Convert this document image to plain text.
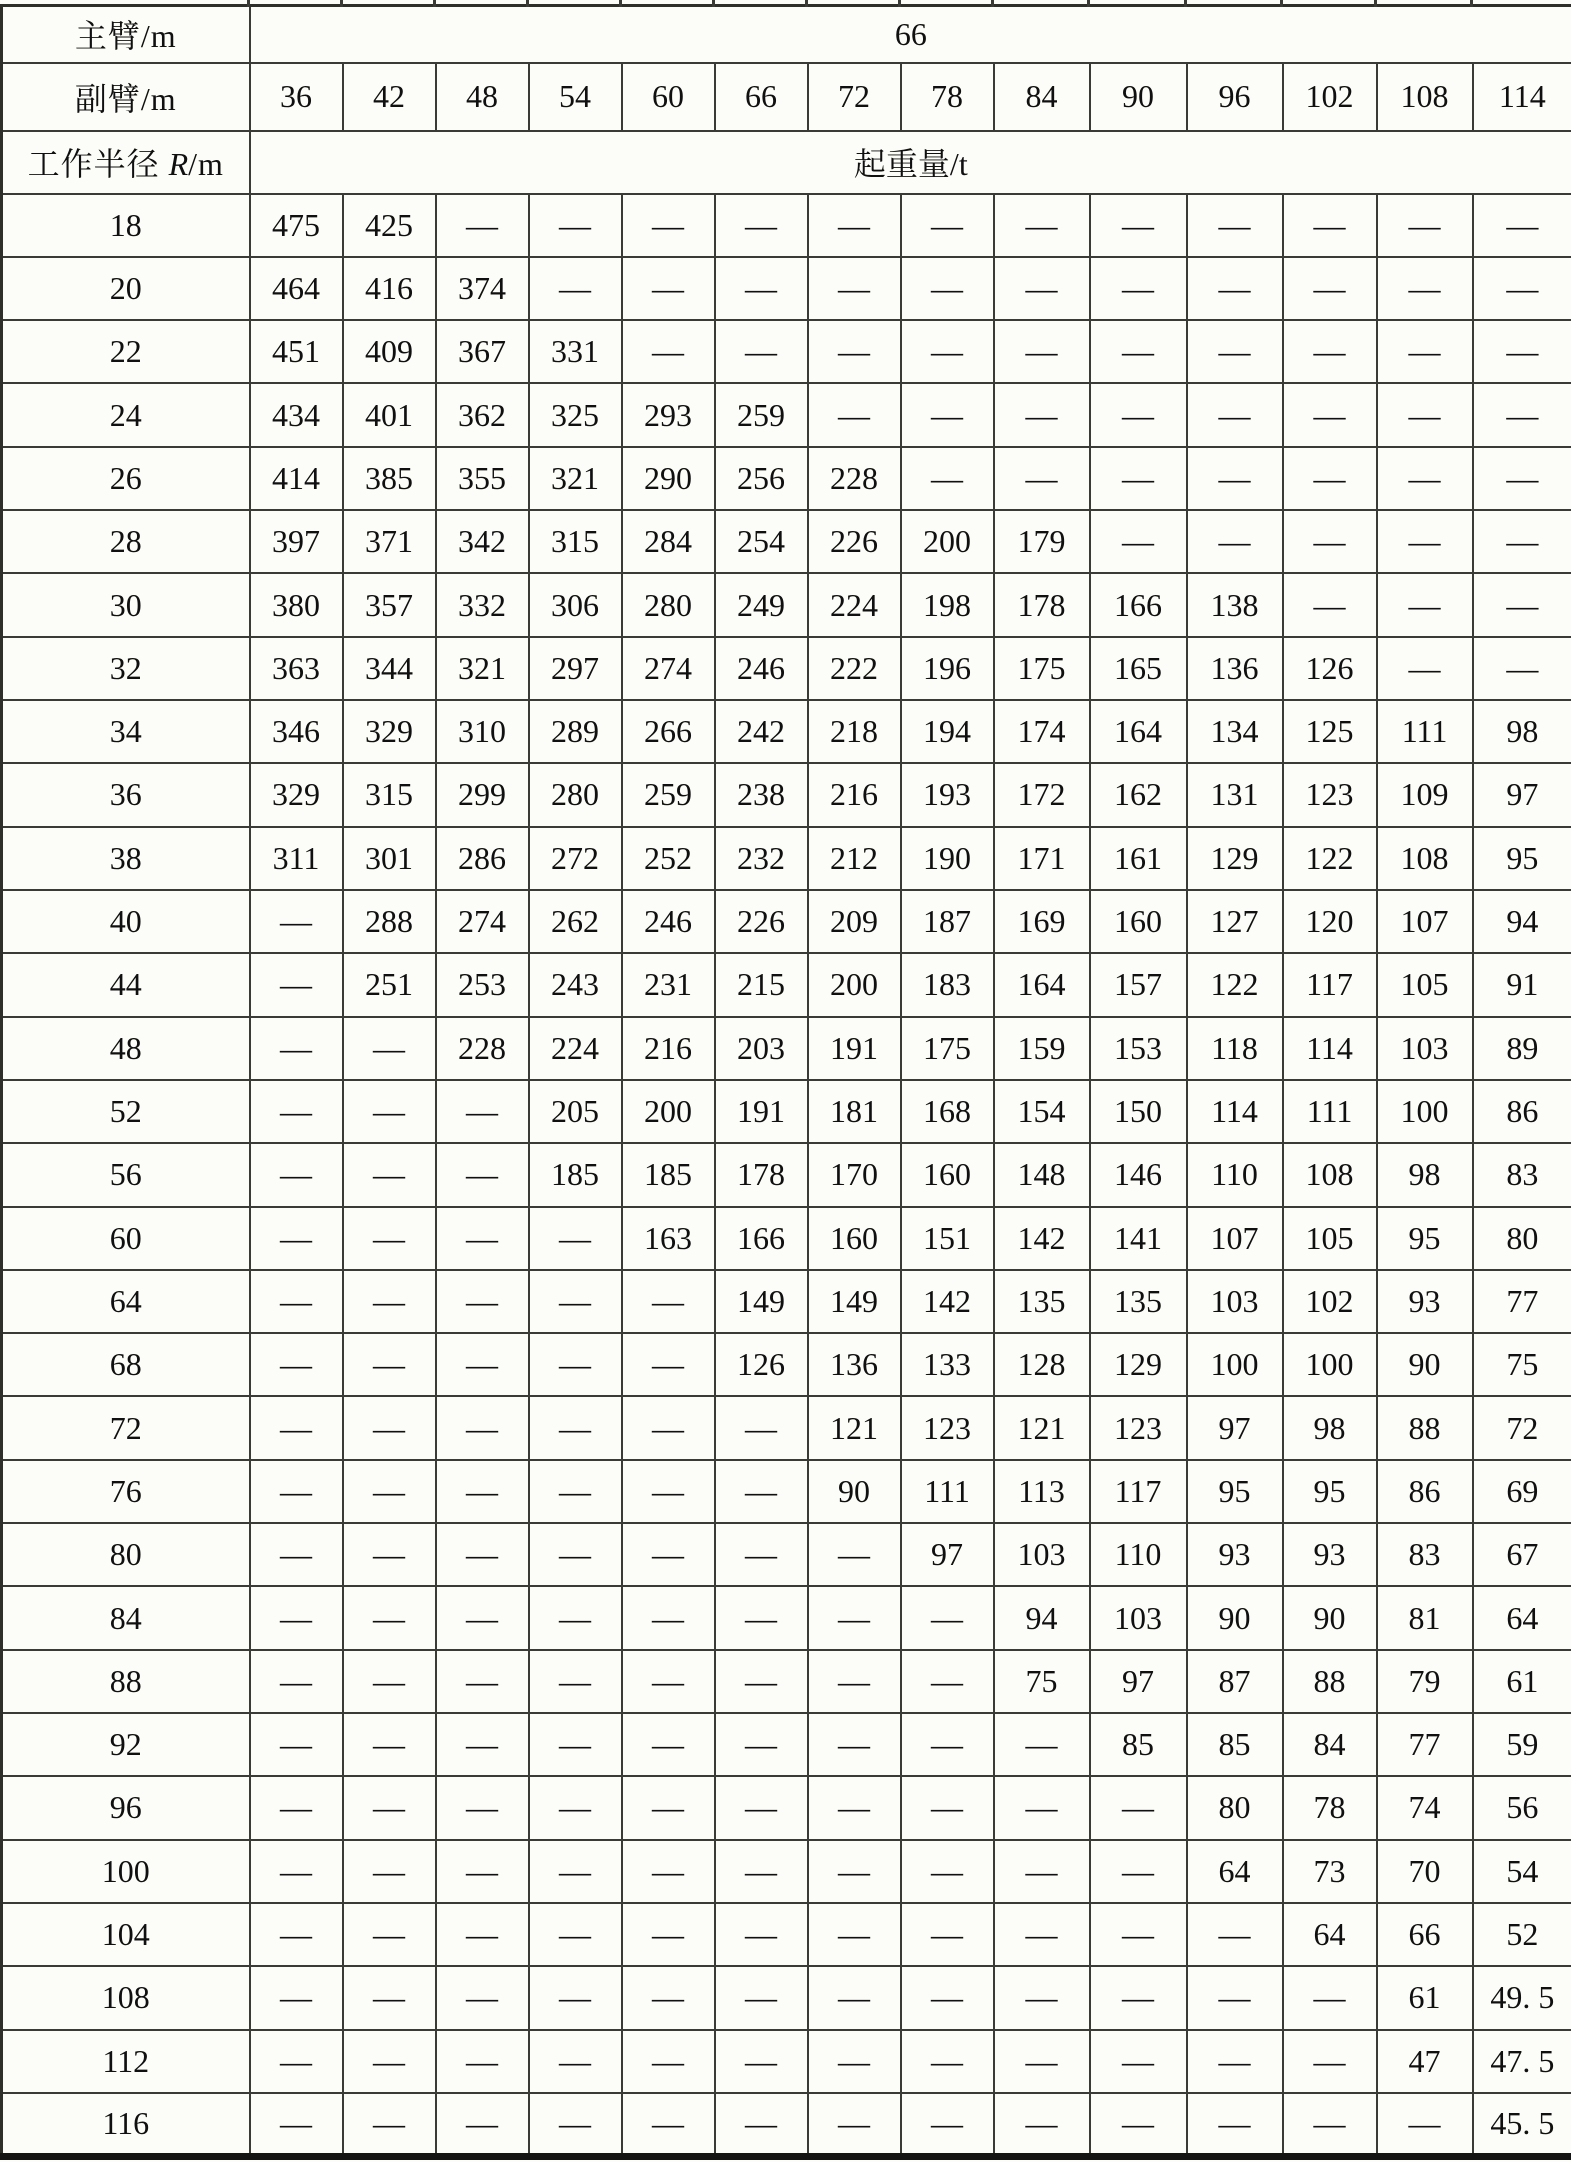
主臂/m	66													
副臂/m	36	42	48	54	60	66	72	78	84	90	96	102	108	114
工作半径 R/m	起重量/t													
18	475	425	—	—	—	—	—	—	—	—	—	—	—	—
20	464	416	374	—	—	—	—	—	—	—	—	—	—	—
22	451	409	367	331	—	—	—	—	—	—	—	—	—	—
24	434	401	362	325	293	259	—	—	—	—	—	—	—	—
26	414	385	355	321	290	256	228	—	—	—	—	—	—	—
28	397	371	342	315	284	254	226	200	179	—	—	—	—	—
30	380	357	332	306	280	249	224	198	178	166	138	—	—	—
32	363	344	321	297	274	246	222	196	175	165	136	126	—	—
34	346	329	310	289	266	242	218	194	174	164	134	125	111	98
36	329	315	299	280	259	238	216	193	172	162	131	123	109	97
38	311	301	286	272	252	232	212	190	171	161	129	122	108	95
40	—	288	274	262	246	226	209	187	169	160	127	120	107	94
44	—	251	253	243	231	215	200	183	164	157	122	117	105	91
48	—	—	228	224	216	203	191	175	159	153	118	114	103	89
52	—	—	—	205	200	191	181	168	154	150	114	111	100	86
56	—	—	—	185	185	178	170	160	148	146	110	108	98	83
60	—	—	—	—	163	166	160	151	142	141	107	105	95	80
64	—	—	—	—	—	149	149	142	135	135	103	102	93	77
68	—	—	—	—	—	126	136	133	128	129	100	100	90	75
72	—	—	—	—	—	—	121	123	121	123	97	98	88	72
76	—	—	—	—	—	—	90	111	113	117	95	95	86	69
80	—	—	—	—	—	—	—	97	103	110	93	93	83	67
84	—	—	—	—	—	—	—	—	94	103	90	90	81	64
88	—	—	—	—	—	—	—	—	75	97	87	88	79	61
92	—	—	—	—	—	—	—	—	—	85	85	84	77	59
96	—	—	—	—	—	—	—	—	—	—	80	78	74	56
100	—	—	—	—	—	—	—	—	—	—	64	73	70	54
104	—	—	—	—	—	—	—	—	—	—	—	64	66	52
108	—	—	—	—	—	—	—	—	—	—	—	—	61	49. 5
112	—	—	—	—	—	—	—	—	—	—	—	—	47	47. 5
116	—	—	—	—	—	—	—	—	—	—	—	—	—	45. 5
